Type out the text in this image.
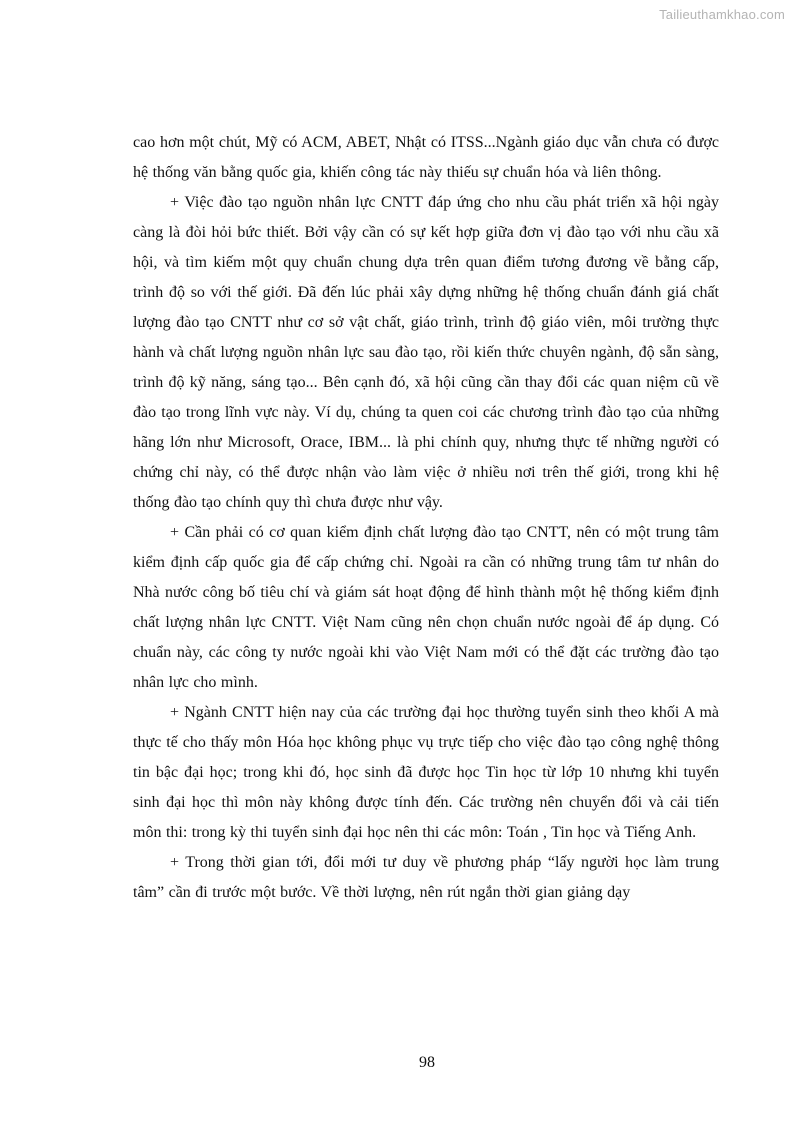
Tailieuthamkhao.com

cao hơn một chút, Mỹ có ACM, ABET, Nhật có ITSS...Ngành giáo dục vẫn chưa có được hệ thống văn bằng quốc gia, khiến công tác này thiếu sự chuẩn hóa và liên thông.

+ Việc đào tạo nguồn nhân lực CNTT đáp ứng cho nhu cầu phát triển xã hội ngày càng là đòi hỏi bức thiết. Bởi vậy cần có sự kết hợp giữa đơn vị đào tạo với nhu cầu xã hội, và tìm kiếm một quy chuẩn chung dựa trên quan điểm tương đương về bằng cấp, trình độ so với thế giới. Đã đến lúc phải xây dựng những hệ thống chuẩn đánh giá chất lượng đào tạo CNTT như cơ sở vật chất, giáo trình, trình độ giáo viên, môi trường thực hành và chất lượng nguồn nhân lực sau đào tạo, rồi kiến thức chuyên ngành, độ sẵn sàng, trình độ kỹ năng, sáng tạo... Bên cạnh đó, xã hội cũng cần thay đổi các quan niệm cũ về đào tạo trong lĩnh vực này. Ví dụ, chúng ta quen coi các chương trình đào tạo của những hãng lớn như Microsoft, Orace, IBM... là phi chính quy, nhưng thực tế những người có chứng chỉ này, có thể được nhận vào làm việc ở nhiều nơi trên thế giới, trong khi hệ thống đào tạo chính quy thì chưa được như vậy.

+ Cần phải có cơ quan kiểm định chất lượng đào tạo CNTT, nên có một trung tâm kiểm định cấp quốc gia để cấp chứng chỉ. Ngoài ra cần có những trung tâm tư nhân do Nhà nước công bố tiêu chí và giám sát hoạt động để hình thành một hệ thống kiểm định chất lượng nhân lực CNTT. Việt Nam cũng nên chọn chuẩn nước ngoài để áp dụng. Có chuẩn này, các công ty nước ngoài khi vào Việt Nam mới có thể đặt các trường đào tạo nhân lực cho mình.

+ Ngành CNTT hiện nay của các trường đại học thường tuyển sinh theo khối A mà thực tế cho thấy môn Hóa học không phục vụ trực tiếp cho việc đào tạo công nghệ thông tin bậc đại học; trong khi đó, học sinh đã được học Tin học từ lớp 10 nhưng khi tuyển sinh đại học thì môn này không được tính đến. Các trường nên chuyển đổi và cải tiến môn thi: trong kỳ thi tuyển sinh đại học nên thi các môn: Toán , Tin học và Tiếng Anh.

+ Trong thời gian tới, đổi mới tư duy về phương pháp “lấy người học làm trung tâm” cần đi trước một bước. Về thời lượng, nên rút ngắn thời gian giảng dạy

98
